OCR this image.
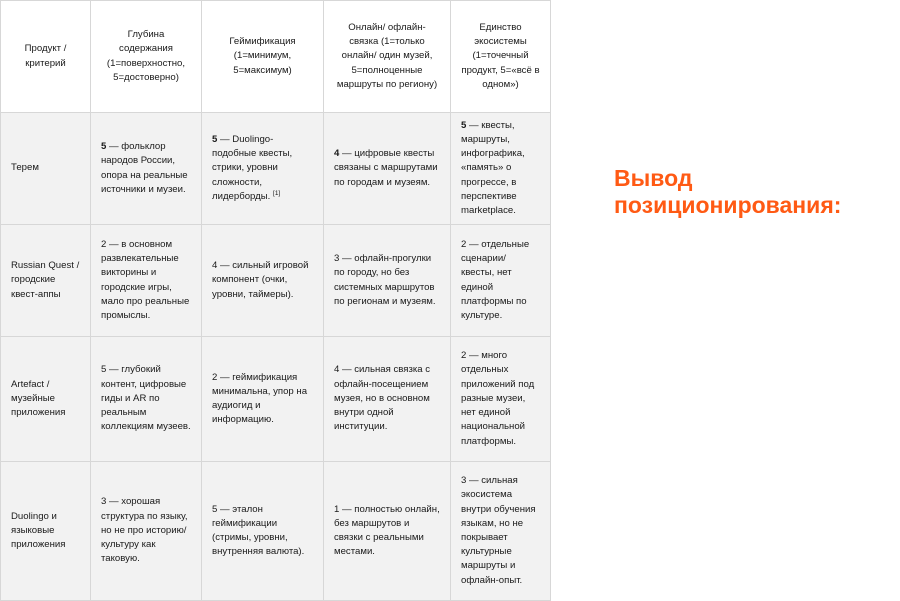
Продукт / критерий	Глубина содержания (1=поверхностно, 5=достоверно)	Геймификация (1=минимум, 5=максимум)	Онлайн/ офлайн-связка (1=только онлайн/ один музей, 5=полноценные маршруты по региону)	Единство экосистемы (1=точечный продукт, 5=«всё в одном»)
Терем	5 — фольклор народов России, опора на реальные источники и музеи.	5 — Duolingo-подобные квесты, стрики, уровни сложности, лидерборды. [1]	4 — цифровые квесты связаны с маршрутами по городам и музеям.	5 — квесты, маршруты, инфографика, «память» о прогрессе, в перспективе marketplace.
Russian Quest / городские квест-аппы	2 — в основном развлекательные викторины и городские игры, мало про реальные промыслы.	4 — сильный игровой компонент (очки, уровни, таймеры).	3 — офлайн-прогулки по городу, но без системных маршрутов по регионам и музеям.	2 — отдельные сценарии/ квесты, нет единой платформы по культуре.
Artefact / музейные приложения	5 — глубокий контент, цифровые гиды и AR по реальным коллекциям музеев.	2 — геймификация минимальна, упор на аудиогид и информацию.	4 — сильная связка с офлайн-посещением музея, но в основном внутри одной институции.	2 — много отдельных приложений под разные музеи, нет единой национальной платформы.
Duolingo и языковые приложения	3 — хорошая структура по языку, но не про историю/культуру как таковую.	5 — эталон геймификации (стримы, уровни, внутренняя валюта).	1 — полностью онлайн, без маршрутов и связки с реальными местами.	3 — сильная экосистема внутри обучения языкам, но не покрывает культурные маршруты и офлайн-опыт.
Вывод
позиционирования:
